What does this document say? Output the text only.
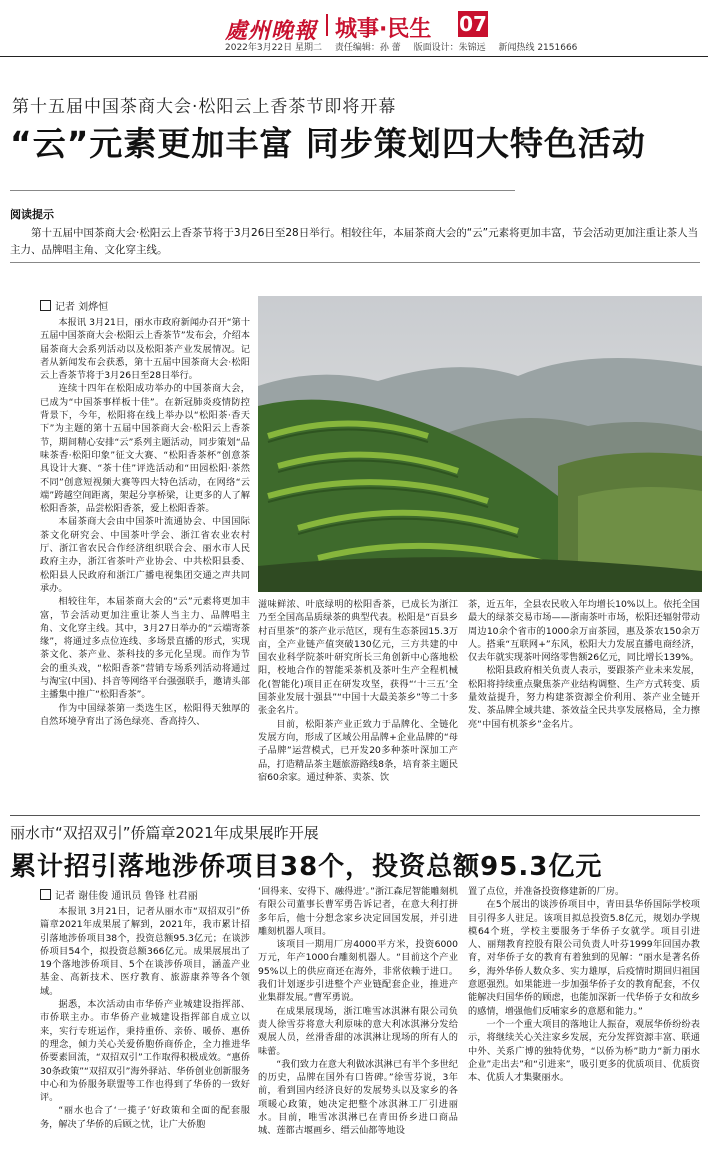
處州晚報 城事·民生 07
2022年3月22日 星期二 责任编辑：孙 蕾 版面设计：朱锦远 新闻热线 2151666
第十五届中国茶商大会·松阳云上香茶节即将开幕
“云”元素更加丰富 同步策划四大特色活动
阅读提示
第十五届中国茶商大会·松阳云上香茶节将于3月26日至28日举行。相较往年，本届茶商大会的“云”元素将更加丰富，节会活动更加注重让茶人当主力、品牌唱主角、文化穿主线。
记者 刘烨恒

本报讯 3月21日，丽水市政府新闻办召开“第十五届中国茶商大会·松阳云上香茶节”发布会，介绍本届茶商大会系列活动以及松阳茶产业发展情况。记者从新闻发布会获悉，第十五届中国茶商大会·松阳云上香茶节将于3月26日至28日举行。

连续十四年在松阳成功举办的中国茶商大会，已成为“中国茶事样板十佳”。在新冠肺炎疫情防控背景下，今年，松阳将在线上举办以“松阳茶·香天下”为主题的第十五届中国茶商大会·松阳云上香茶节，期间精心安排“云”系列主题活动，同步策划“品味茶香·松阳印象”征文大赛、“松阳香茶杯”创意茶具设计大赛、“茶十佳”评选活动和“田园松阳·茶然不同”创意短视频大赛等四大特色活动，在网络“云端”跨越空间距离，架起分享桥梁，让更多的人了解松阳香茶，品尝松阳香茶，爱上松阳香茶。

本届茶商大会由中国茶叶流通协会、中国国际茶文化研究会、中国茶叶学会、浙江省农业农村厅、浙江省农民合作经济组织联合会、丽水市人民政府主办，浙江省茶叶产业协会、中共松阳县委、松阳县人民政府和浙江广播电视集团交通之声共同承办。

相较往年，本届茶商大会的“云”元素将更加丰富，节会活动更加注重让茶人当主力、品牌唱主角、文化穿主线。其中，3月27日举办的“云端寄茶缘”，将通过多点位连线、多场景直播的形式，实现茶文化、茶产业、茶科技的多元化呈现。而作为节会的重头戏，“松阳香茶”营销专场系列活动将通过与淘宝(中国)、抖音等网络平台强强联手，邀请头部主播集中推广“松阳香茶”。

作为中国绿茶第一类选生区，松阳得天独厚的自然环境孕育出了汤色绿亮、香高持久、

滋味鲜浓、叶底绿明的松阳香茶，已成长为浙江乃至全国高品质绿茶的典型代表。松阳是“百县乡村百里茶”的茶产业示范区，现有生态茶园15.3万亩，全产业链产值突破130亿元，三方共建的中国农业科学院茶叶研究所长三角创新中心落地松阳，校地合作的智能采茶机及茶叶生产全程机械化(智能化)项目正在研发攻坚，获得“‘十三五’全国茶业发展十强县”“中国十大最美茶乡”等二十多张金名片。

目前，松阳茶产业正致力于品牌化、全链化发展方向，形成了区域公用品牌+企业品牌的“母子品牌”运营模式，已开发20多种茶叶深加工产品，打造精品茶主题旅游路线8条，培育茶主题民宿60余家。通过种茶、卖茶、饮

茶，近五年，全县农民收入年均增长10%以上。依托全国最大的绿茶交易市场——浙南茶叶市场，松阳还辐射带动周边10余个省市的1000余万亩茶园，惠及茶农150余万人。搭乘“互联网+”东风，松阳大力发展直播电商经济，仅去年就实现茶叶网络零售额26亿元，同比增长139%。

松阳县政府相关负责人表示，要跟茶产业未来发展，松阳将持续重点聚焦茶产业结构调整、生产方式转变、质量效益提升，努力构建茶资源全价利用、茶产业全链开发、茶品牌全域共建、茶效益全民共享发展格局，全力擦亮“中国有机茶乡”金名片。

丽水市“双招双引”侨篇章2021年成果展昨开展
累计招引落地涉侨项目38个，投资总额95.3亿元
记者 谢佳俊 通讯员 鲁锋 杜君丽

本报讯 3月21日，记者从丽水市“双招双引”侨篇章2021年成果展了解到，2021年，我市累计招引落地涉侨项目38个，投资总额95.3亿元；在谈涉侨项目54个，拟投资总额366亿元。成果展展出了19个落地涉侨项目、5个在谈涉侨项目，涵盖产业基金、高新技术、医疗教育、旅游康养等各个领域。

据悉，本次活动由市华侨产业城建设指挥部、市侨联主办。市华侨产业城建设指挥部自成立以来，实行专班运作，秉持重侨、亲侨、暖侨、惠侨的理念，倾力关心关爱侨胞侨商侨企，全力推进华侨要素回流，“双招双引”工作取得积极成效。“惠侨30条政策”“双招双引”海外驿站、华侨创业创新服务中心和为侨服务联盟等工作也得到了华侨的一致好评。

“丽水也合了‘一揽子’好政策和全面的配套服务，解决了华侨的后顾之忧，让广大侨胞

‘回得来、安得下、融得进’。”浙江森尼智能雕刻机有限公司董事长曹军勇告诉记者，在意大利打拼多年后，他十分想念家乡决定回国发展，并引进雕刻机器人项目。

该项目一期用厂房4000平方米，投资6000万元，年产1000台雕刻机器人。“目前这个产业95%以上的供应商还在海外，非常依赖于进口。我们计划逐步引进整个产业链配套企业，推进产业集群发展。”曹军勇说。

在成果展现场，浙江唯雪冰淇淋有限公司负责人徐雪芬将意大利原味的意大利冰淇淋分发给观展人员，丝滑香甜的冰淇淋让现场的所有人的味蕾。

“我们致力在意大利做冰淇淋已有半个多世纪的历史，品牌在国外有口皆碑。”徐雪芬说，3年前，看到国内经济良好的发展势头以及家乡的各项暖心政策，她决定把整个冰淇淋工厂引进丽水。目前，唯雪冰淇淋已在青田侨乡进口商品城、莲都古堰画乡、缙云仙都等地设

置了点位，并准备投资修建新的厂房。

在5个展出的谈涉侨项目中，青田县华侨国际学校项目引得多人驻足。该项目拟总投资5.8亿元，规划办学规模64个班，学校主要服务于华侨子女就学。项目引进人、丽翔教育控股有限公司负责人叶芬1999年回国办教育，对华侨子女的教育有着独到的见解：“丽水是著名侨乡，海外华侨人数众多、实力雄厚，后疫情时期回归祖国意愿强烈。如果能进一步加强华侨子女的教育配套，不仅能解决归国华侨的顾虑，也能加深新一代华侨子女和故乡的感情，增强他们反哺家乡的意愿和能力。”

一个一个重大项目的落地让人振奋，观展华侨纷纷表示，将继续关心关注家乡发展，充分发挥资源丰富、联通中外、关系广博的独特优势，“以侨为桥”助力“新力丽水企业”走出去”和“引进来”，吸引更多的优质项目、优质资本、优质人才集聚丽水。
